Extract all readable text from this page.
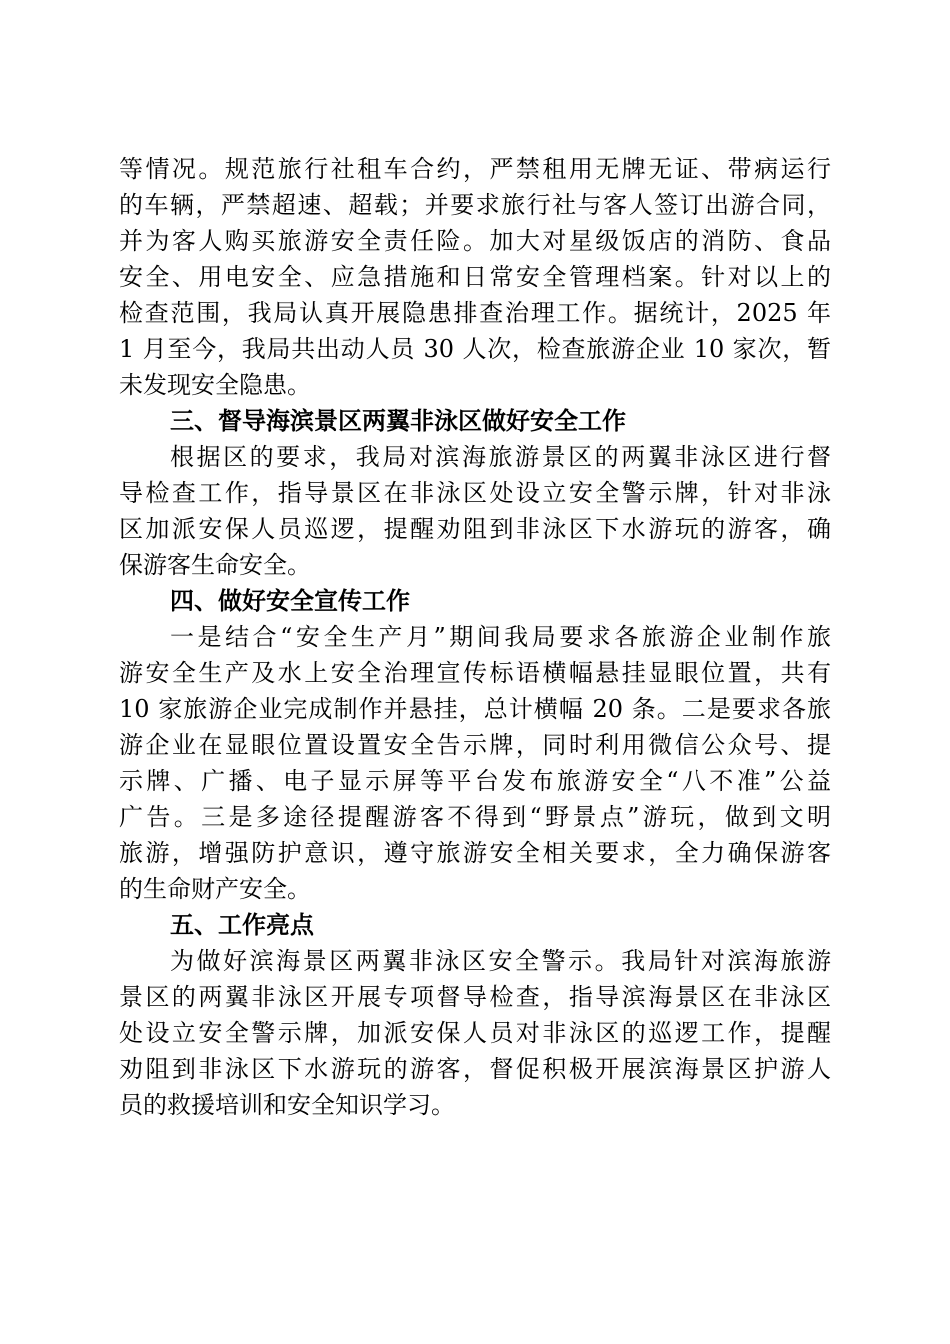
等情况。规范旅行社租车合约，严禁租用无牌无证、带病运行
的车辆，严禁超速、超载；并要求旅行社与客人签订出游合同，
并为客人购买旅游安全责任险。加大对星级饭店的消防、食品
安全、用电安全、应急措施和日常安全管理档案。针对以上的
检查范围，我局认真开展隐患排查治理工作。据统计，2025 年
1 月至今，我局共出动人员 30 人次，检查旅游企业 10 家次，暂
未发现安全隐患。
三、督导海滨景区两翼非泳区做好安全工作
根据区的要求，我局对滨海旅游景区的两翼非泳区进行督
导检查工作，指导景区在非泳区处设立安全警示牌，针对非泳
区加派安保人员巡逻，提醒劝阻到非泳区下水游玩的游客，确
保游客生命安全。
四、做好安全宣传工作
一是结合“安全生产月”期间我局要求各旅游企业制作旅
游安全生产及水上安全治理宣传标语横幅悬挂显眼位置，共有
10 家旅游企业完成制作并悬挂，总计横幅 20 条。二是要求各旅
游企业在显眼位置设置安全告示牌，同时利用微信公众号、提
示牌、广播、电子显示屏等平台发布旅游安全“八不准”公益
广告。三是多途径提醒游客不得到“野景点”游玩，做到文明
旅游，增强防护意识，遵守旅游安全相关要求，全力确保游客
的生命财产安全。
五、工作亮点
为做好滨海景区两翼非泳区安全警示。我局针对滨海旅游
景区的两翼非泳区开展专项督导检查，指导滨海景区在非泳区
处设立安全警示牌，加派安保人员对非泳区的巡逻工作，提醒
劝阻到非泳区下水游玩的游客，督促积极开展滨海景区护游人
员的救援培训和安全知识学习。
